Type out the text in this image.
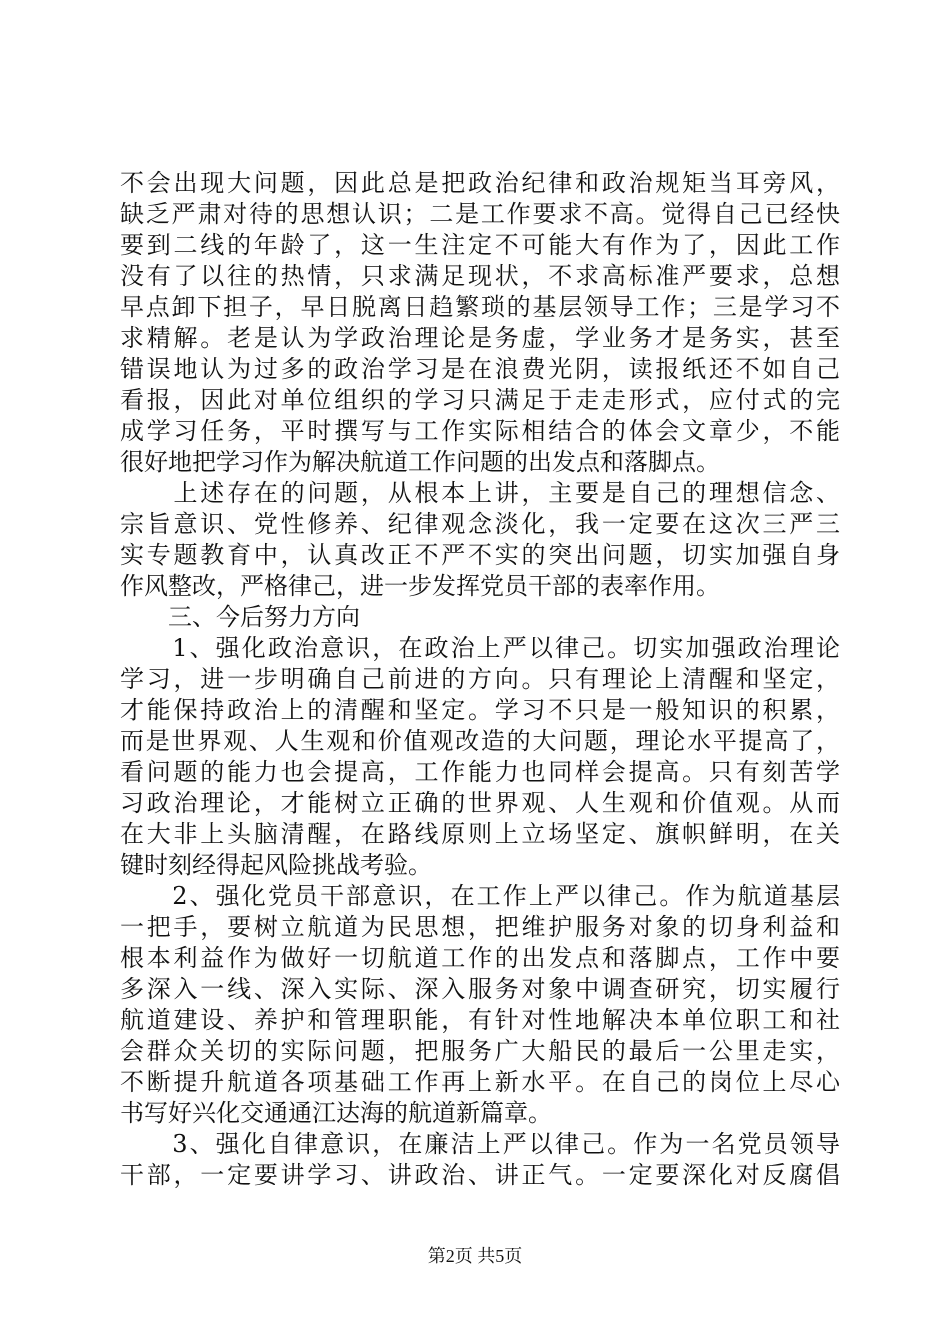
不会出现大问题，因此总是把政治纪律和政治规矩当耳旁风，
缺乏严肃对待的思想认识；二是工作要求不高。觉得自己已经快
要到二线的年龄了，这一生注定不可能大有作为了，因此工作
没有了以往的热情，只求满足现状，不求高标准严要求，总想
早点卸下担子，早日脱离日趋繁琐的基层领导工作；三是学习不
求精解。老是认为学政治理论是务虚，学业务才是务实，甚至
错误地认为过多的政治学习是在浪费光阴，读报纸还不如自己
看报，因此对单位组织的学习只满足于走走形式，应付式的完
成学习任务，平时撰写与工作实际相结合的体会文章少，不能
很好地把学习作为解决航道工作问题的出发点和落脚点。
　　上述存在的问题，从根本上讲，主要是自己的理想信念、
宗旨意识、党性修养、纪律观念淡化，我一定要在这次三严三
实专题教育中，认真改正不严不实的突出问题，切实加强自身
作风整改，严格律己，进一步发挥党员干部的表率作用。
　　三、今后努力方向
　　1、强化政治意识，在政治上严以律己。切实加强政治理论
学习，进一步明确自己前进的方向。只有理论上清醒和坚定，
才能保持政治上的清醒和坚定。学习不只是一般知识的积累，
而是世界观、人生观和价值观改造的大问题，理论水平提高了，
看问题的能力也会提高，工作能力也同样会提高。只有刻苦学
习政治理论，才能树立正确的世界观、人生观和价值观。从而
在大非上头脑清醒，在路线原则上立场坚定、旗帜鲜明，在关
键时刻经得起风险挑战考验。
　　2、强化党员干部意识，在工作上严以律己。作为航道基层
一把手，要树立航道为民思想，把维护服务对象的切身利益和
根本利益作为做好一切航道工作的出发点和落脚点，工作中要
多深入一线、深入实际、深入服务对象中调查研究，切实履行
航道建设、养护和管理职能，有针对性地解决本单位职工和社
会群众关切的实际问题，把服务广大船民的最后一公里走实，
不断提升航道各项基础工作再上新水平。在自己的岗位上尽心
书写好兴化交通通江达海的航道新篇章。
　　3、强化自律意识，在廉洁上严以律己。作为一名党员领导
干部，一定要讲学习、讲政治、讲正气。一定要深化对反腐倡
第2页 共5页
